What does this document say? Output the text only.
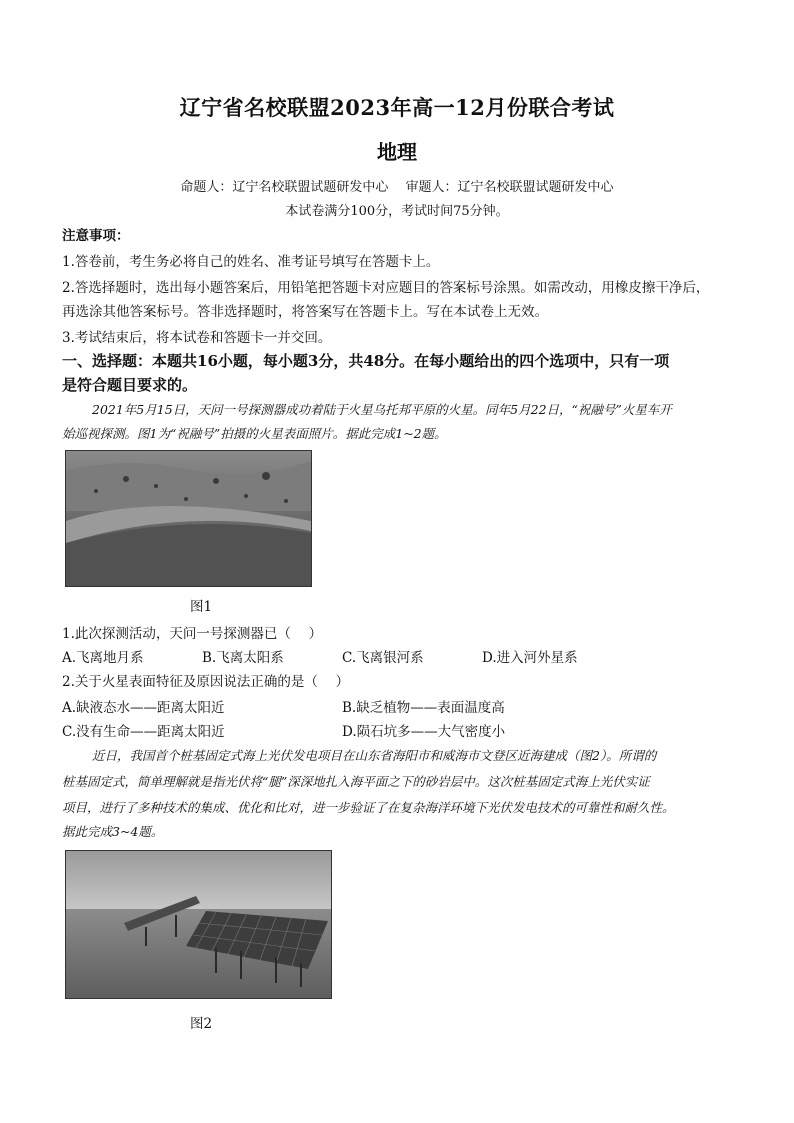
辽宁省名校联盟2023年高一12月份联合考试
地理
命题人：辽宁名校联盟试题研发中心　 审题人：辽宁名校联盟试题研发中心
本试卷满分100分，考试时间75分钟。
注意事项：
1.答卷前，考生务必将自己的姓名、准考证号填写在答题卡上。
2.答选择题时，选出每小题答案后，用铅笔把答题卡对应题目的答案标号涂黑。如需改动，用橡皮擦干净后，
再选涂其他答案标号。答非选择题时，将答案写在答题卡上。写在本试卷上无效。
3.考试结束后，将本试卷和答题卡一并交回。
一、选择题：本题共16小题，每小题3分，共48分。在每小题给出的四个选项中，只有一项
是符合题目要求的。
2021年5月15日，天问一号探测器成功着陆于火星乌托邦平原的火星。同年5月22日，“祝融号”火星车开
始巡视探测。图1为“祝融号”拍摄的火星表面照片。据此完成1~2题。
图1
1.此次探测活动，天问一号探测器已（　 ）
A.飞离地月系	B.飞离太阳系	C.飞离银河系	D.进入河外星系
2.关于火星表面特征及原因说法正确的是（　 ）
A.缺液态水——距离太阳近	B.缺乏植物——表面温度高
C.没有生命——距离太阳近	D.陨石坑多——大气密度小
近日，我国首个桩基固定式海上光伏发电项目在山东省海阳市和威海市文登区近海建成（图2）。所谓的
桩基固定式，简单理解就是指光伏将“腿”深深地扎入海平面之下的砂岩层中。这次桩基固定式海上光伏实证
项目，进行了多种技术的集成、优化和比对，进一步验证了在复杂海洋环境下光伏发电技术的可靠性和耐久性。
据此完成3~4题。
图2
